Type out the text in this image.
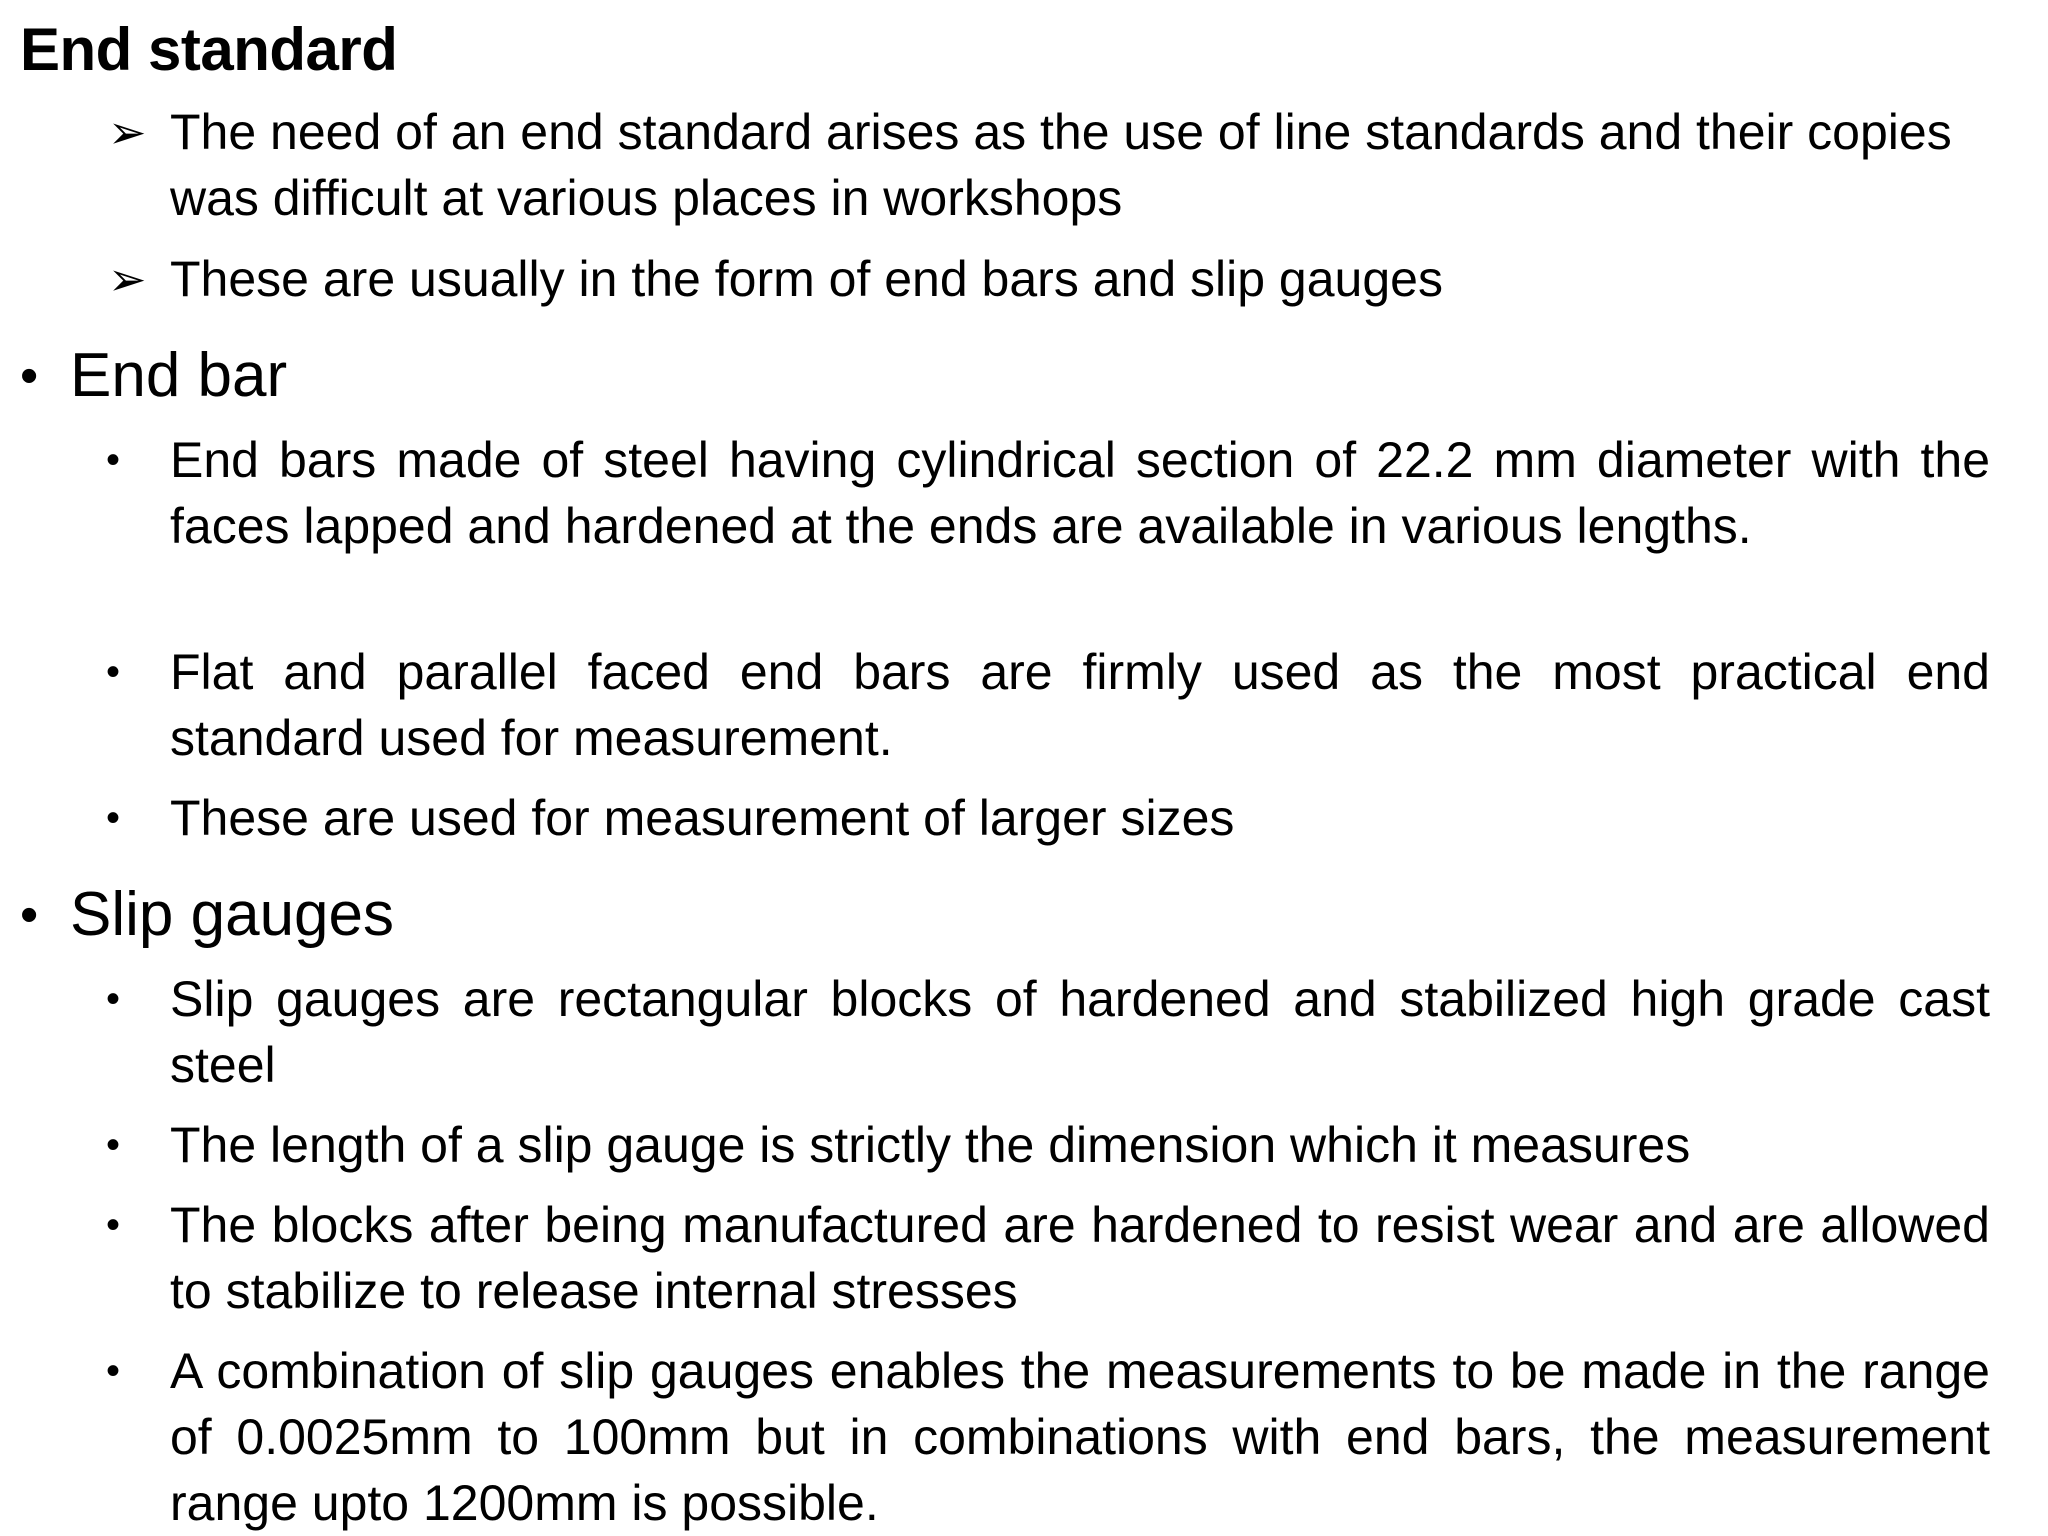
End standard
➢ The need of an end standard arises as the use of line standards and their copies was difficult at various places in workshops
➢ These are usually in the form of end bars and slip gauges
• End bar
• End bars made of steel having cylindrical section of 22.2 mm diameter with the faces lapped and hardened at the ends are available in various lengths.
• Flat and parallel faced end bars are firmly used as the most practical end standard used for measurement.
• These are used for measurement of larger sizes
• Slip gauges
• Slip gauges are rectangular blocks of hardened and stabilized high grade cast steel
• The length of a slip gauge is strictly the dimension which it measures
• The blocks after being manufactured are hardened to resist wear and are allowed to stabilize to release internal stresses
• A combination of slip gauges enables the measurements to be made in the range of 0.0025mm to 100mm but in combinations with end bars, the measurement range upto 1200mm is possible.
